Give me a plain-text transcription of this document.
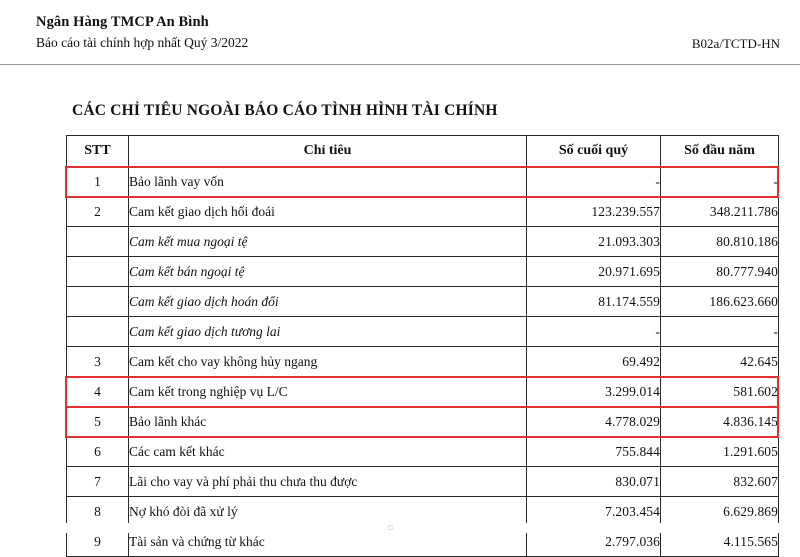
Ngân Hàng TMCP An Bình
Báo cáo tài chính hợp nhất Quý 3/2022	B02a/TCTD-HN
CÁC CHỈ TIÊU NGOÀI BÁO CÁO TÌNH HÌNH TÀI CHÍNH
STT	Chỉ tiêu	Số cuối quý	Số đầu năm
1	Bảo lãnh vay vốn	-	-
2	Cam kết giao dịch hối đoái	123.239.557	348.211.786
	Cam kết mua ngoại tệ	21.093.303	80.810.186
	Cam kết bán ngoại tệ	20.971.695	80.777.940
	Cam kết giao dịch hoán đổi	81.174.559	186.623.660
	Cam kết giao dịch tương lai	-	-
3	Cam kết cho vay không hủy ngang	69.492	42.645
4	Cam kết trong nghiệp vụ L/C	3.299.014	581.602
5	Bảo lãnh khác	4.778.029	4.836.145
6	Các cam kết khác	755.844	1.291.605
7	Lãi cho vay và phí phải thu chưa thu được	830.071	832.607
8	Nợ khó đòi đã xử lý	7.203.454	6.629.869
9	Tài sản và chứng từ khác	2.797.036	4.115.565
○
